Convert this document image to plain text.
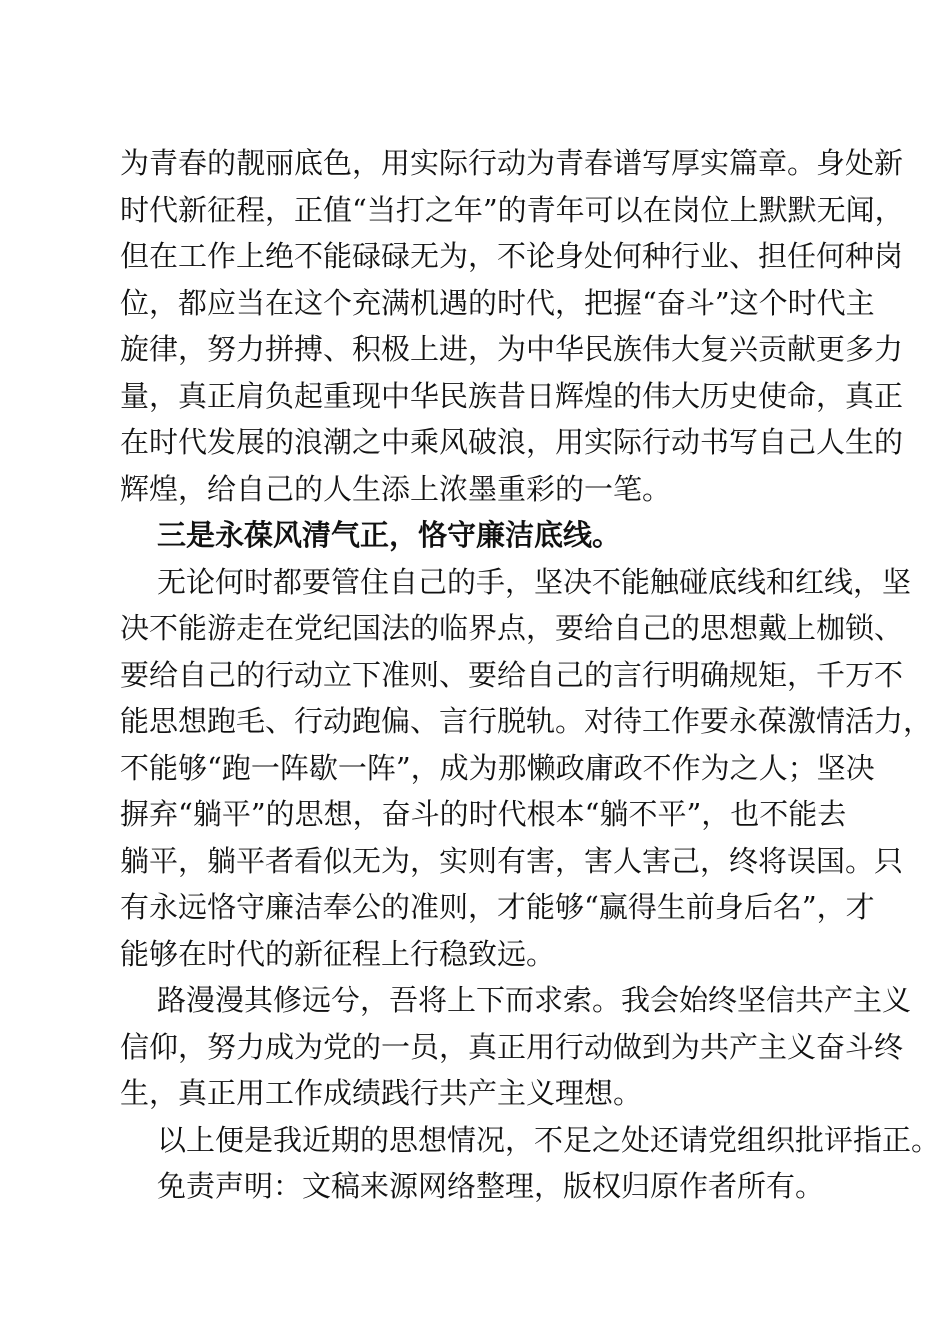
为青春的靓丽底色，用实际行动为青春谱写厚实篇章。身处新
时代新征程，正值“当打之年”的青年可以在岗位上默默无闻，
但在工作上绝不能碌碌无为，不论身处何种行业、担任何种岗
位，都应当在这个充满机遇的时代，把握“奋斗”这个时代主
旋律，努力拼搏、积极上进，为中华民族伟大复兴贡献更多力
量，真正肩负起重现中华民族昔日辉煌的伟大历史使命，真正
在时代发展的浪潮之中乘风破浪，用实际行动书写自己人生的
辉煌，给自己的人生添上浓墨重彩的一笔。

三是永葆风清气正，恪守廉洁底线。

无论何时都要管住自己的手，坚决不能触碰底线和红线，坚
决不能游走在党纪国法的临界点，要给自己的思想戴上枷锁、
要给自己的行动立下准则、要给自己的言行明确规矩，千万不
能思想跑毛、行动跑偏、言行脱轨。对待工作要永葆激情活力，
不能够“跑一阵歇一阵”，成为那懒政庸政不作为之人；坚决
摒弃“躺平”的思想，奋斗的时代根本“躺不平”，也不能去
躺平，躺平者看似无为，实则有害，害人害己，终将误国。只
有永远恪守廉洁奉公的准则，才能够“赢得生前身后名”，才
能够在时代的新征程上行稳致远。

路漫漫其修远兮，吾将上下而求索。我会始终坚信共产主义
信仰，努力成为党的一员，真正用行动做到为共产主义奋斗终
生，真正用工作成绩践行共产主义理想。

以上便是我近期的思想情况，不足之处还请党组织批评指正。

免责声明：文稿来源网络整理，版权归原作者所有。
